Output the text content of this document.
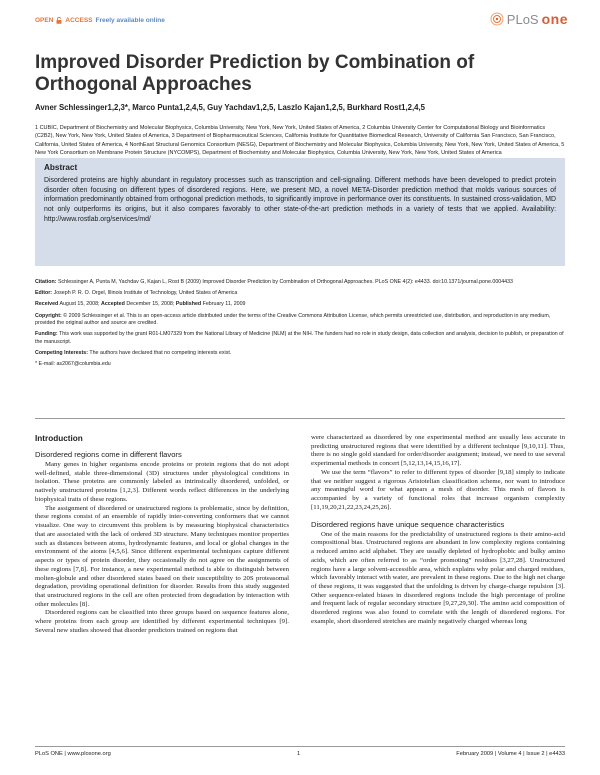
OPEN ACCESS Freely available online	PLoS one
Improved Disorder Prediction by Combination of Orthogonal Approaches

Avner Schlessinger1,2,3*, Marco Punta1,2,4,5, Guy Yachdav1,2,5, Laszlo Kajan1,2,5, Burkhard Rost1,2,4,5

1 CUBIC, Department of Biochemistry and Molecular Biophysics, Columbia University, New York, New York, United States of America, 2 Columbia University Center for Computational Biology and Bioinformatics (C2B2), New York, New York, United States of America, 3 Department of Biopharmaceutical Sciences, California Institute for Quantitative Biomedical Research, University of California San Francisco, San Francisco, California, United States of America, 4 NorthEast Structural Genomics Consortium (NESG), Department of Biochemistry and Molecular Biophysics, Columbia University, New York, New York, United States of America, 5 New York Consortium on Membrane Protein Structure (NYCOMPS), Department of Biochemistry and Molecular Biophysics, Columbia University, New York, New York, United States of America

Abstract

Disordered proteins are highly abundant in regulatory processes such as transcription and cell-signaling. Different methods have been developed to predict protein disorder often focusing on different types of disordered regions. Here, we present MD, a novel META-Disorder prediction method that molds various sources of information predominantly obtained from orthogonal prediction methods, to significantly improve in performance over its constituents. In sustained cross-validation, MD not only outperforms its origins, but it also compares favorably to other state-of-the-art prediction methods in a variety of tests that we applied. Availability: http://www.rostlab.org/services/md/

Citation: Schlessinger A, Punta M, Yachdav G, Kajan L, Rost B (2009) Improved Disorder Prediction by Combination of Orthogonal Approaches. PLoS ONE 4(2): e4433. doi:10.1371/journal.pone.0004433

Editor: Joseph P. R. O. Orgel, Illinois Institute of Technology, United States of America

Received August 15, 2008; Accepted December 15, 2008; Published February 11, 2009

Copyright: © 2009 Schlessinger et al. This is an open-access article distributed under the terms of the Creative Commons Attribution License, which permits unrestricted use, distribution, and reproduction in any medium, provided the original author and source are credited.

Funding: This work was supported by the grant R01-LM07329 from the National Library of Medicine (NLM) at the NIH. The funders had no role in study design, data collection and analysis, decision to publish, or preparation of the manuscript.

Competing Interests: The authors have declared that no competing interests exist.

* E-mail: as2067@columbia.edu

Introduction
Disordered regions come in different flavors

Many genes in higher organisms encode proteins or protein regions that do not adopt well-defined, stable three-dimensional (3D) structures under physiological conditions in isolation. These proteins are commonly labeled as intrinsically disordered, unfolded, or natively unstructured proteins [1,2,3]. Different words reflect differences in the underlying biophysical traits of these regions.

The assignment of disordered or unstructured regions is problematic, since by definition, these regions consist of an ensemble of rapidly inter-converting conformers that we cannot visualize. One way to circumvent this problem is by measuring biophysical characteristics that are associated with the lack of ordered 3D structure. Many techniques monitor properties such as distances between atoms, hydrodynamic features, and local or global changes in the environment of the atoms [4,5,6]. Since different experimental techniques capture different aspects or types of protein disorder, they occasionally do not agree on the assignments of these regions [7,8]. For instance, a new experimental method is able to distinguish between molten-globule and other disordered states based on their susceptibility to 20S proteasomal degradation, providing operational definition for disorder. Results from this study suggested that unstructured regions in the cell are often protected from degradation by interaction with other molecules [8].

Disordered regions can be classified into three groups based on sequence features alone, where proteins from each group are identified by different experimental techniques [9]. Several new studies showed that disorder predictors trained on regions that

were characterized as disordered by one experimental method are usually less accurate in predicting unstructured regions that were identified by a different technique [9,10,11]. Thus, there is no single gold standard for order/disorder assignment; instead, we need to use several experimental methods in concert [5,12,13,14,15,16,17].

We use the term “flavors” to refer to different types of disorder [9,18] simply to indicate that we neither suggest a rigorous Aristotelian classification scheme, nor want to introduce any meaningful word for what appears a mesh of disorder. This mesh of flavors is accompanied by a variety of functional roles that increase organism complexity [11,19,20,21,22,23,24,25,26].

Disordered regions have unique sequence characteristics

One of the main reasons for the predictability of unstructured regions is their amino-acid compositional bias. Unstructured regions are abundant in low complexity regions containing a reduced amino acid alphabet. They are usually depleted of hydrophobic and bulky amino acids, which are often referred to as “order promoting” residues [3,27,28]. Unstructured regions have a large solvent-accessible area, which explains why polar and charged residues, which favorably interact with water, are prevalent in these regions. Due to the high net charge of these regions, it was suggested that the unfolding is driven by charge-charge repulsion [3]. Other sequence-related biases in disordered regions include the high percentage of proline and frequent lack of regular secondary structure [9,27,29,30]. The amino acid composition of disordered regions was also found to correlate with the length of disordered regions. For example, short disordered stretches are mainly negatively charged whereas long

PLoS ONE | www.plosone.org	1	February 2009 | Volume 4 | Issue 2 | e4433
